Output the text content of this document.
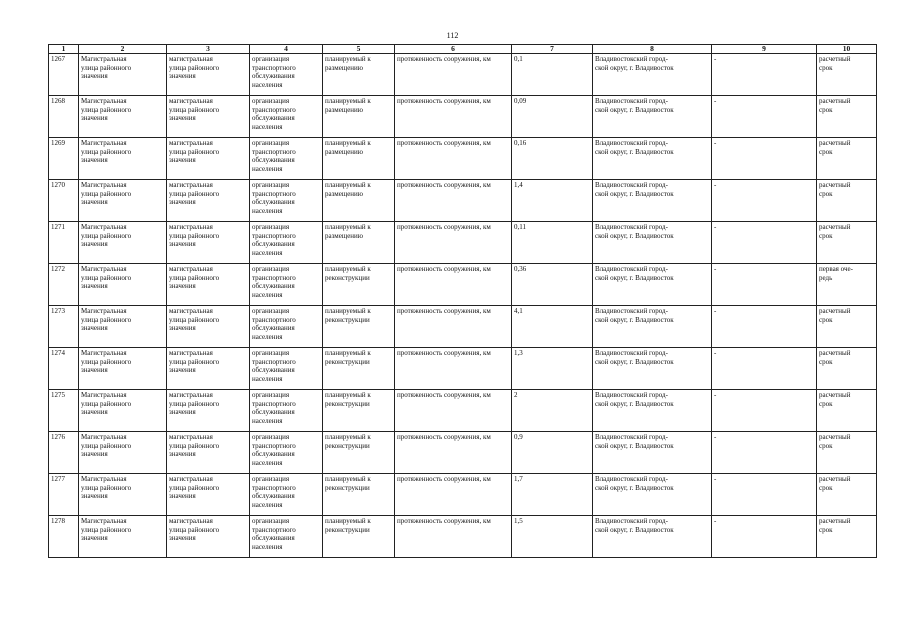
112
1	2	3	4	5	6	7	8	9	10
1267	Магистральная
улица районного
значения	магистральная
улица районного
значения	организация
транспортного
обслуживания
населения	планируемый к
размещению	протяженность сооружения, км	0,1	Владивостокский город-
ской округ, г. Владивосток	-	расчетный
срок
1268	Магистральная
улица районного
значения	магистральная
улица районного
значения	организация
транспортного
обслуживания
населения	планируемый к
размещению	протяженность сооружения, км	0,09	Владивостокский город-
ской округ, г. Владивосток	-	расчетный
срок
1269	Магистральная
улица районного
значения	магистральная
улица районного
значения	организация
транспортного
обслуживания
населения	планируемый к
размещению	протяженность сооружения, км	0,16	Владивостокский город-
ской округ, г. Владивосток	-	расчетный
срок
1270	Магистральная
улица районного
значения	магистральная
улица районного
значения	организация
транспортного
обслуживания
населения	планируемый к
размещению	протяженность сооружения, км	1,4	Владивостокский город-
ской округ, г. Владивосток	-	расчетный
срок
1271	Магистральная
улица районного
значения	магистральная
улица районного
значения	организация
транспортного
обслуживания
населения	планируемый к
размещению	протяженность сооружения, км	0,11	Владивостокский город-
ской округ, г. Владивосток	-	расчетный
срок
1272	Магистральная
улица районного
значения	магистральная
улица районного
значения	организация
транспортного
обслуживания
населения	планируемый к
реконструкции	протяженность сооружения, км	0,36	Владивостокский город-
ской округ, г. Владивосток	-	первая оче-
редь
1273	Магистральная
улица районного
значения	магистральная
улица районного
значения	организация
транспортного
обслуживания
населения	планируемый к
реконструкции	протяженность сооружения, км	4,1	Владивостокский город-
ской округ, г. Владивосток	-	расчетный
срок
1274	Магистральная
улица районного
значения	магистральная
улица районного
значения	организация
транспортного
обслуживания
населения	планируемый к
реконструкции	протяженность сооружения, км	1,3	Владивостокский город-
ской округ, г. Владивосток	-	расчетный
срок
1275	Магистральная
улица районного
значения	магистральная
улица районного
значения	организация
транспортного
обслуживания
населения	планируемый к
реконструкции	протяженность сооружения, км	2	Владивостокский город-
ской округ, г. Владивосток	-	расчетный
срок
1276	Магистральная
улица районного
значения	магистральная
улица районного
значения	организация
транспортного
обслуживания
населения	планируемый к
реконструкции	протяженность сооружения, км	0,9	Владивостокский город-
ской округ, г. Владивосток	-	расчетный
срок
1277	Магистральная
улица районного
значения	магистральная
улица районного
значения	организация
транспортного
обслуживания
населения	планируемый к
реконструкции	протяженность сооружения, км	1,7	Владивостокский город-
ской округ, г. Владивосток	-	расчетный
срок
1278	Магистральная
улица районного
значения	магистральная
улица районного
значения	организация
транспортного
обслуживания
населения	планируемый к
реконструкции	протяженность сооружения, км	1,5	Владивостокский город-
ской округ, г. Владивосток	-	расчетный
срок
